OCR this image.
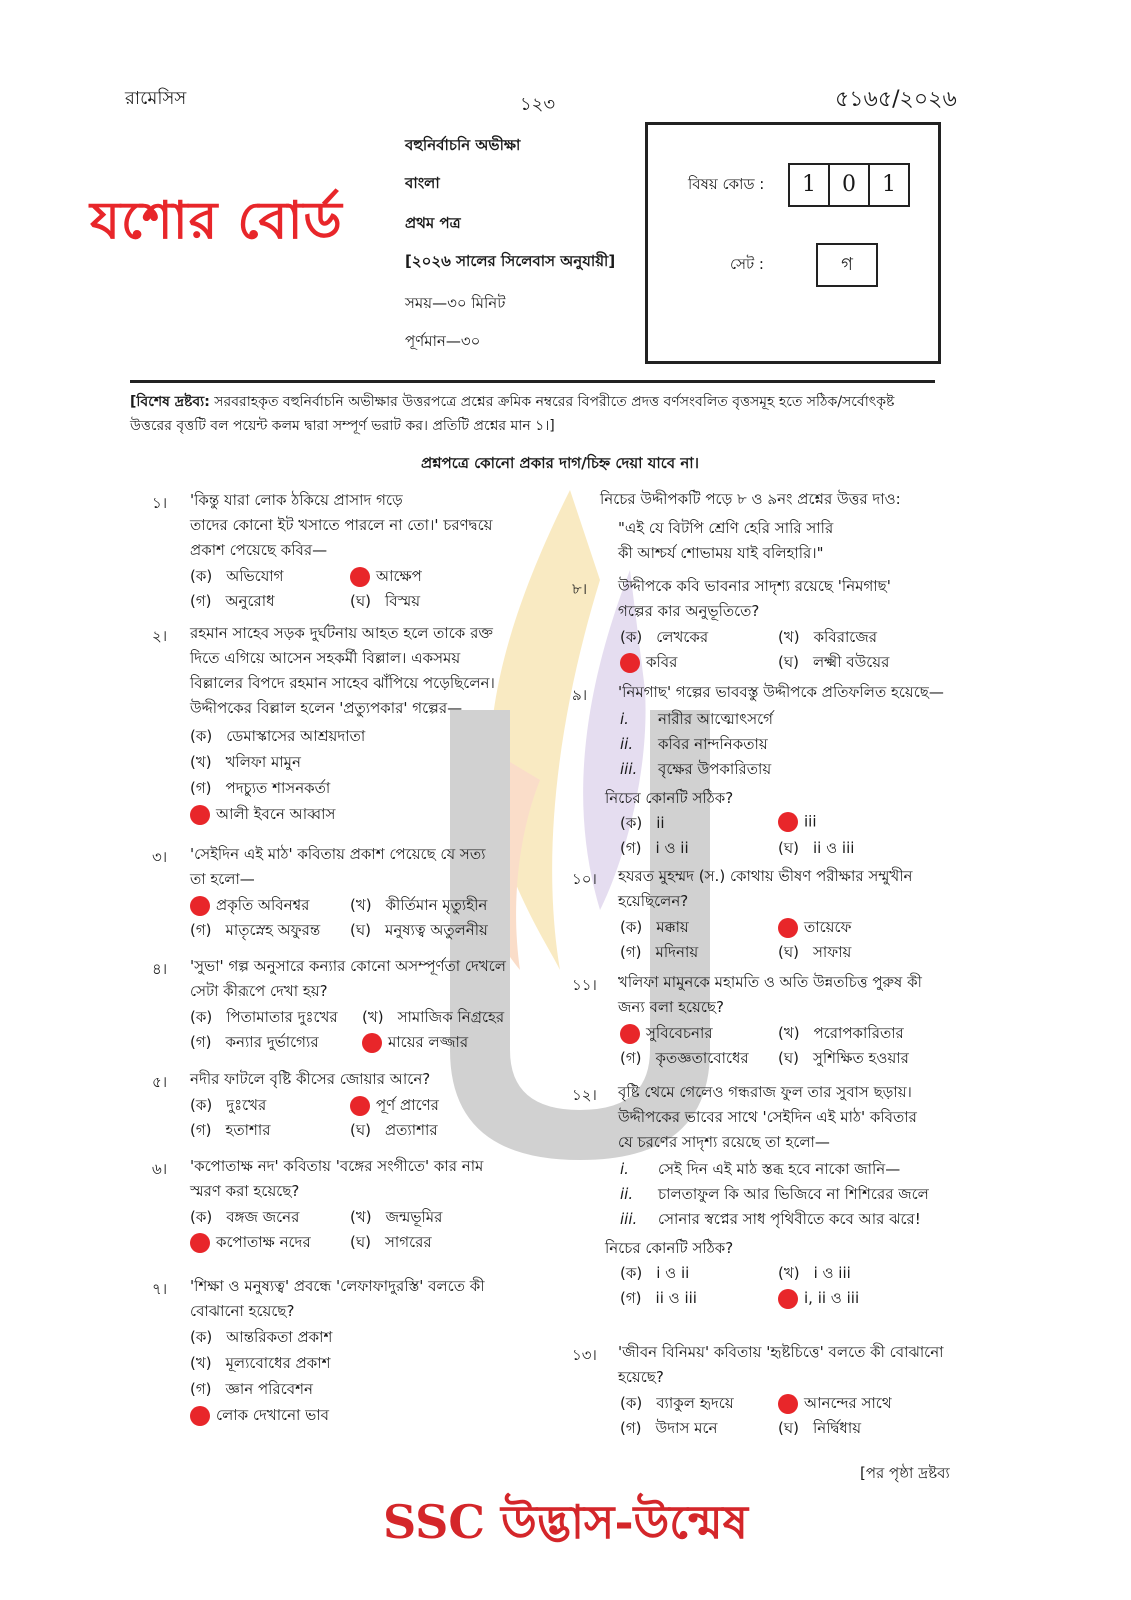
রামেসিস	১২৩	৫১৬৫/২০২৬
যশোর বোর্ড
বহুনির্বাচনি অভীক্ষা
বাংলা
প্রথম পত্র
[২০২৬ সালের সিলেবাস অনুযায়ী]
সময়—৩০ মিনিট
পূর্ণমান—৩০
বিষয় কোড :	1	0	1
সেট :	গ
[বিশেষ দ্রষ্টব্য: সরবরাহকৃত বহুনির্বাচনি অভীক্ষার উত্তরপত্রে প্রশ্নের ক্রমিক নম্বরের বিপরীতে প্রদত্ত বর্ণসংবলিত বৃত্তসমূহ হতে সঠিক/সর্বোৎকৃষ্ট উত্তরের বৃত্তটি বল পয়েন্ট কলম দ্বারা সম্পূর্ণ ভরাট কর। প্রতিটি প্রশ্নের মান ১।]
প্রশ্নপত্রে কোনো প্রকার দাগ/চিহ্ন দেয়া যাবে না।
১। 'কিন্তু যারা লোক ঠকিয়ে প্রাসাদ গড়ে
তাদের কোনো ইট খসাতে পারলে না তো।' চরণদ্বয়ে
প্রকাশ পেয়েছে কবির—
(ক) অভিযোগ	আক্ষেপ
(গ) অনুরোধ	(ঘ) বিস্ময়
২। রহমান সাহেব সড়ক দুর্ঘটনায় আহত হলে তাকে রক্ত
দিতে এগিয়ে আসেন সহকর্মী বিল্লাল। একসময়
বিল্লালের বিপদে রহমান সাহেব ঝাঁপিয়ে পড়েছিলেন।
উদ্দীপকের বিল্লাল হলেন 'প্রত্যুপকার' গল্পের—
(ক) ডেমাস্কাসের আশ্রয়দাতা
(খ) খলিফা মামুন
(গ) পদচ্যুত শাসনকর্তা
আলী ইবনে আব্বাস
৩। 'সেইদিন এই মাঠ' কবিতায় প্রকাশ পেয়েছে যে সত্য
তা হলো—
প্রকৃতি অবিনশ্বর	(খ) কীর্তিমান মৃত্যুহীন
(গ) মাতৃস্নেহ অফুরন্ত (ঘ) মনুষ্যত্ব অতুলনীয়
৪। 'সুভা' গল্প অনুসারে কন্যার কোনো অসম্পূর্ণতা দেখলে
সেটা কীরূপে দেখা হয়?
(ক) পিতামাতার দুঃখের (খ) সামাজিক নিগ্রহের
(গ) কন্যার দুর্ভাগ্যের	মায়ের লজ্জার
৫। নদীর ফাটলে বৃষ্টি কীসের জোয়ার আনে?
(ক) দুঃখের	পূর্ণ প্রাণের
(গ) হতাশার	(ঘ) প্রত্যাশার
৬। 'কপোতাক্ষ নদ' কবিতায় 'বঙ্গের সংগীতে' কার নাম
স্মরণ করা হয়েছে?
(ক) বঙ্গজ জনের	(খ) জন্মভূমির
কপোতাক্ষ নদের	(ঘ) সাগরের
৭। 'শিক্ষা ও মনুষ্যত্ব' প্রবন্ধে 'লেফাফাদুরস্তি' বলতে কী
বোঝানো হয়েছে?
(ক) আন্তরিকতা প্রকাশ
(খ) মূল্যবোধের প্রকাশ
(গ) জ্ঞান পরিবেশন
লোক দেখানো ভাব
নিচের উদ্দীপকটি পড়ে ৮ ও ৯নং প্রশ্নের উত্তর দাও:
"এই যে বিটপি শ্রেণি হেরি সারি সারি
কী আশ্চর্য শোভাময় যাই বলিহারি।"
৮। উদ্দীপকে কবি ভাবনার সাদৃশ্য রয়েছে 'নিমগাছ'
গল্পের কার অনুভূতিতে?
(ক) লেখকের	(খ) কবিরাজের
কবির	(ঘ) লক্ষ্মী বউয়ের
৯। 'নিমগাছ' গল্পের ভাববস্তু উদ্দীপকে প্রতিফলিত হয়েছে—
i. নারীর আত্মোৎসর্গে
ii. কবির নান্দনিকতায়
iii. বৃক্ষের উপকারিতায়
নিচের কোনটি সঠিক?
(ক) ii	iii
(গ) i ও ii	(ঘ) ii ও iii
১০। হযরত মুহম্মদ (স.) কোথায় ভীষণ পরীক্ষার সম্মুখীন
হয়েছিলেন?
(ক) মক্কায়	তায়েফে
(গ) মদিনায়	(ঘ) সাফায়
১১। খলিফা মামুনকে মহামতি ও অতি উন্নতচিত্ত পুরুষ কী
জন্য বলা হয়েছে?
সুবিবেচনার	(খ) পরোপকারিতার
(গ) কৃতজ্ঞতাবোধের (ঘ) সুশিক্ষিত হওয়ার
১২। বৃষ্টি থেমে গেলেও গন্ধরাজ ফুল তার সুবাস ছড়ায়।
উদ্দীপকের ভাবের সাথে 'সেইদিন এই মাঠ' কবিতার
যে চরণের সাদৃশ্য রয়েছে তা হলো—
i. সেই দিন এই মাঠ স্তব্ধ হবে নাকো জানি—
ii. চালতাফুল কি আর ভিজিবে না শিশিরের জলে
iii. সোনার স্বপ্নের সাধ পৃথিবীতে কবে আর ঝরে!
নিচের কোনটি সঠিক?
(ক) i ও ii	(খ) i ও iii
(গ) ii ও iii	i, ii ও iii
১৩। 'জীবন বিনিময়' কবিতায় 'হৃষ্টচিত্তে' বলতে কী বোঝানো
হয়েছে?
(ক) ব্যাকুল হৃদয়ে	আনন্দের সাথে
(গ) উদাস মনে	(ঘ) নির্দ্বিধায়
[পর পৃষ্ঠা দ্রষ্টব্য
SSC উদ্ভাস-উন্মেষ
